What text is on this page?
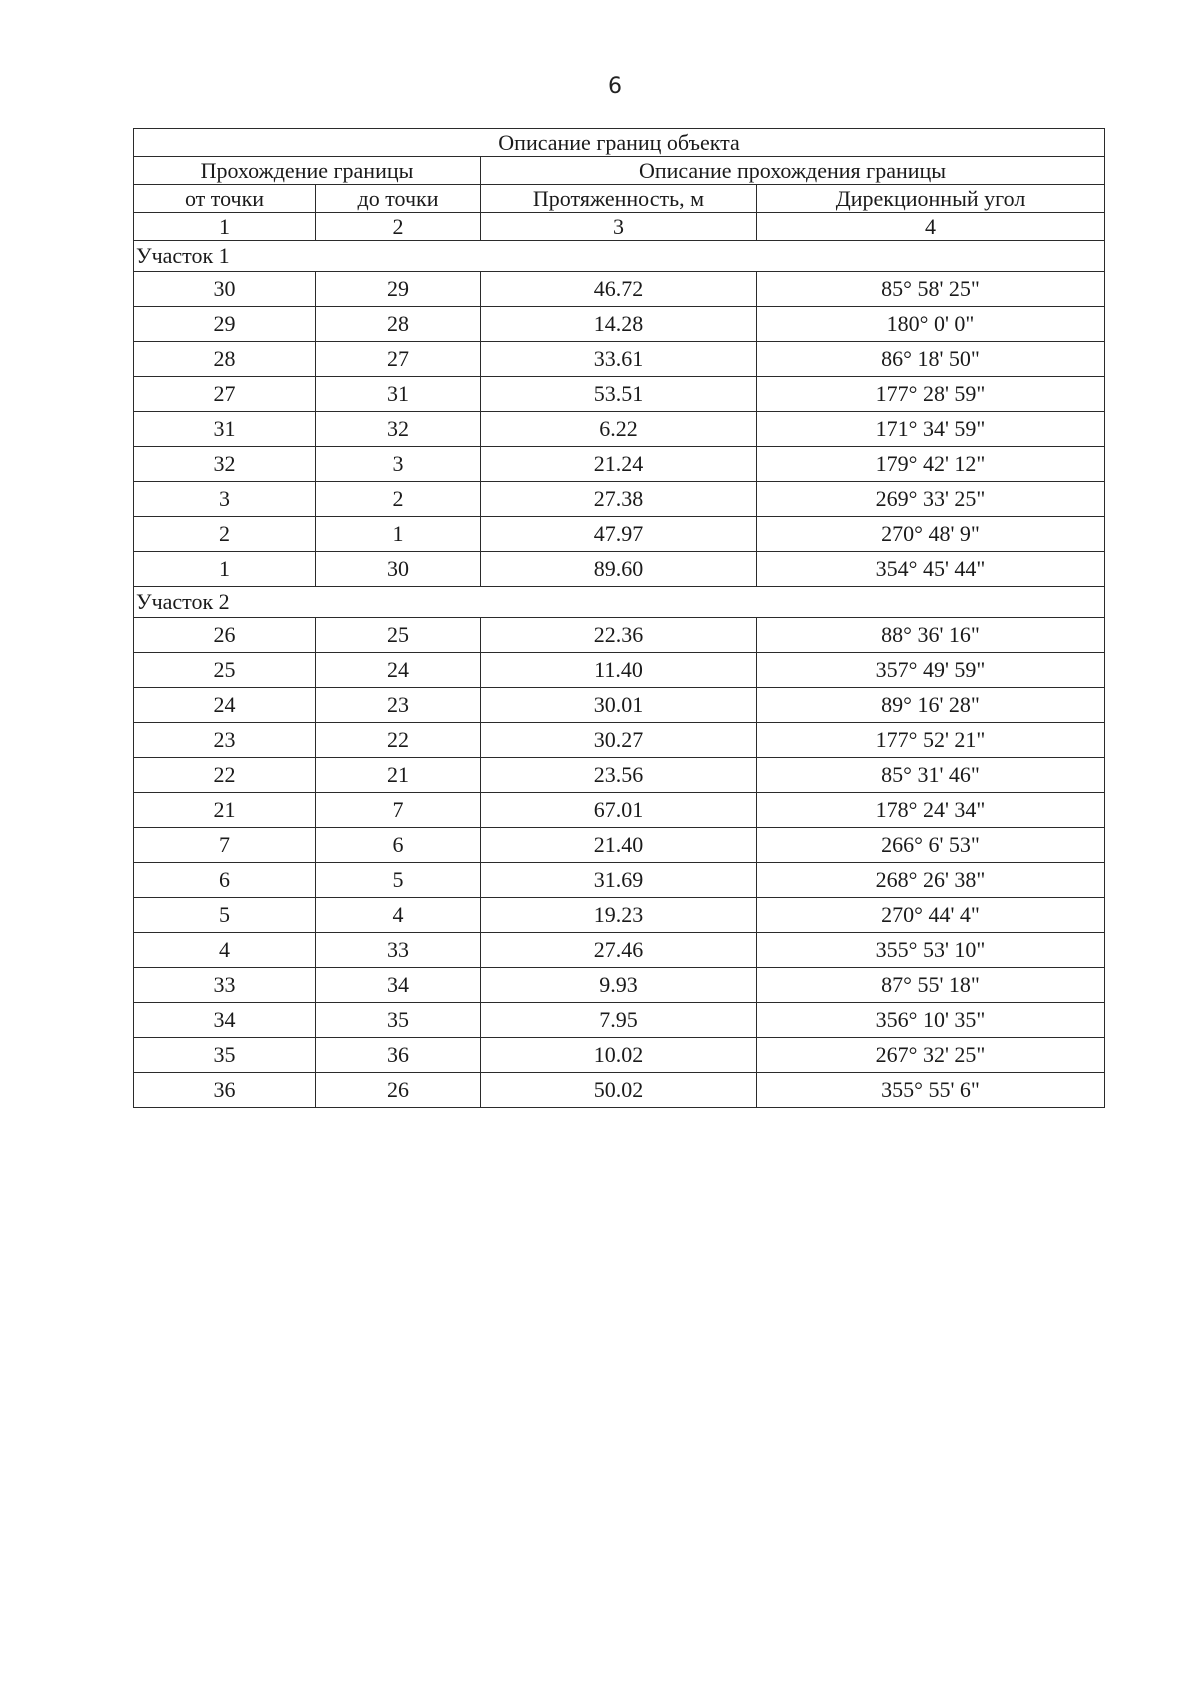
6
Описание границ объекта			
Прохождение границы		Описание прохождения границы	
от точки	до точки	Протяженность, м	Дирекционный угол
1	2	3	4
Участок 1			
30	29	46.72	85° 58' 25"
29	28	14.28	180° 0' 0"
28	27	33.61	86° 18' 50"
27	31	53.51	177° 28' 59"
31	32	6.22	171° 34' 59"
32	3	21.24	179° 42' 12"
3	2	27.38	269° 33' 25"
2	1	47.97	270° 48' 9"
1	30	89.60	354° 45' 44"
Участок 2			
26	25	22.36	88° 36' 16"
25	24	11.40	357° 49' 59"
24	23	30.01	89° 16' 28"
23	22	30.27	177° 52' 21"
22	21	23.56	85° 31' 46"
21	7	67.01	178° 24' 34"
7	6	21.40	266° 6' 53"
6	5	31.69	268° 26' 38"
5	4	19.23	270° 44' 4"
4	33	27.46	355° 53' 10"
33	34	9.93	87° 55' 18"
34	35	7.95	356° 10' 35"
35	36	10.02	267° 32' 25"
36	26	50.02	355° 55' 6"
